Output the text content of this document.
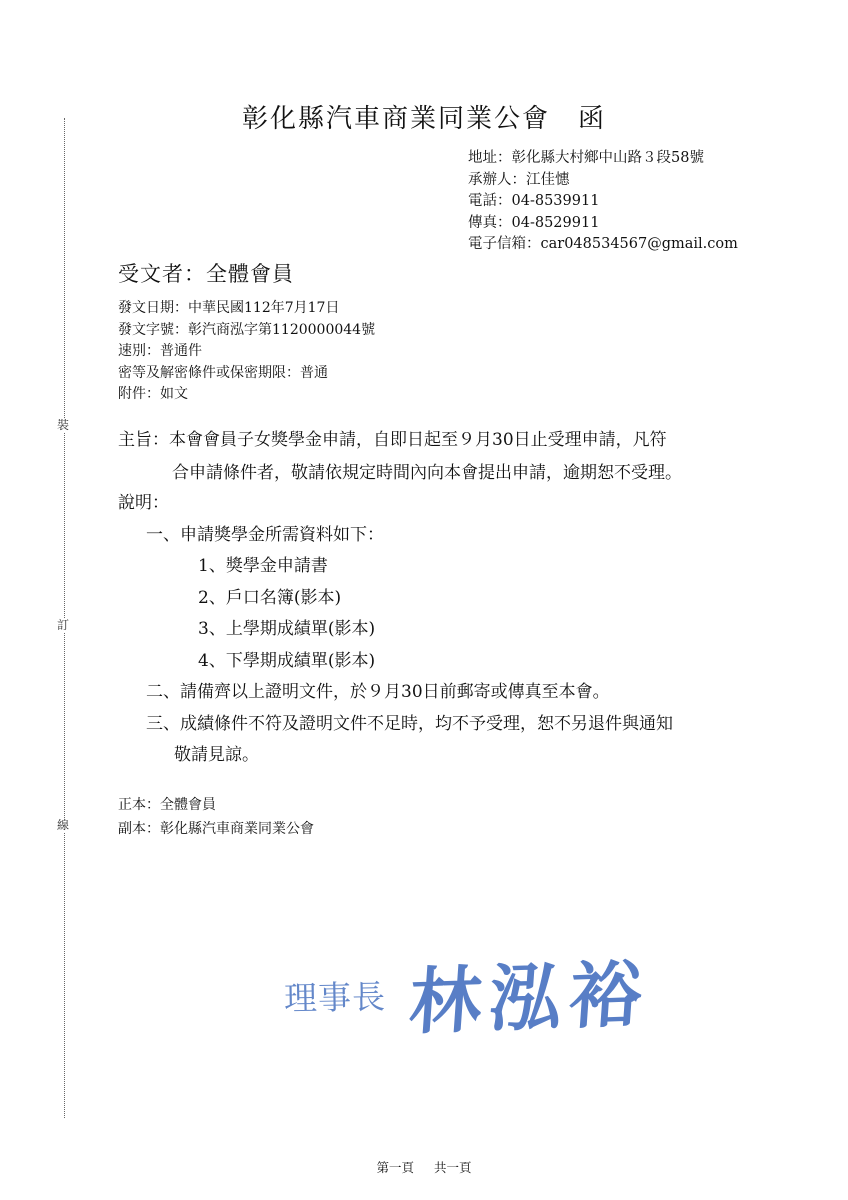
裝
訂
線
彰化縣汽車商業同業公會　函
地址：彰化縣大村鄉中山路３段58號
承辦人：江佳憓
電話：04-8539911
傳真：04-8529911
電子信箱：car048534567@gmail.com
受文者：全體會員
發文日期：中華民國112年7月17日
發文字號：彰汽商泓字第1120000044號
速別：普通件
密等及解密條件或保密期限：普通
附件：如文
主旨：本會會員子女獎學金申請，自即日起至９月30日止受理申請，凡符
合申請條件者，敬請依規定時間內向本會提出申請，逾期恕不受理。
說明：
一、申請獎學金所需資料如下：
1、獎學金申請書
2、戶口名簿(影本)
3、上學期成績單(影本)
4、下學期成績單(影本)
二、請備齊以上證明文件，於９月30日前郵寄或傳真至本會。
三、成績條件不符及證明文件不足時，均不予受理，恕不另退件與通知
敬請見諒。
正本：全體會員
副本：彰化縣汽車商業同業公會
理事長 林泓裕
第一頁 共一頁
